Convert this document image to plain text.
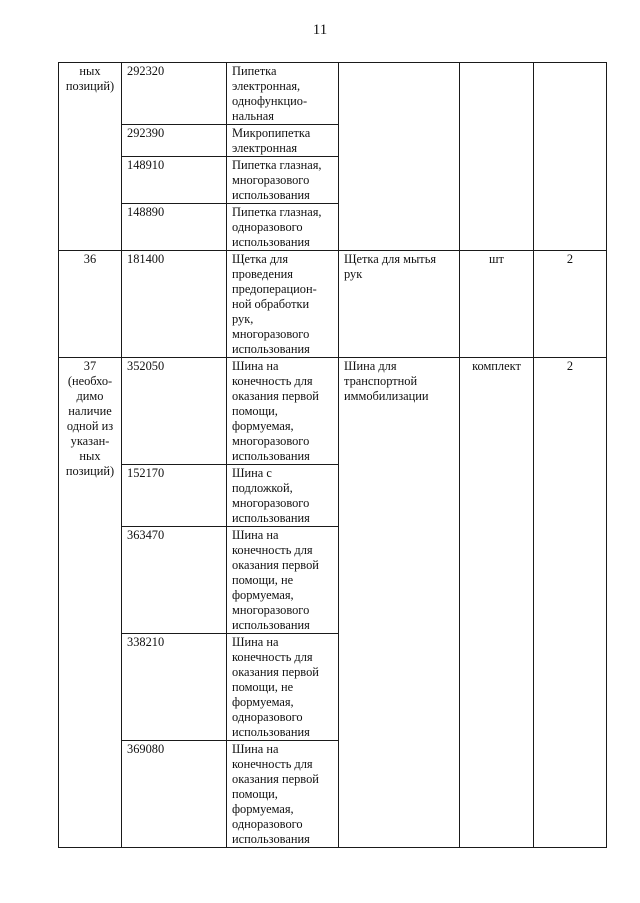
11
ных позиций)	292320	Пипетка электронная, однофункцио-нальная			
	292390	Микропипетка электронная			
	148910	Пипетка глазная, многоразового использования			
	148890	Пипетка глазная, одноразового использования			
36	181400	Щетка для проведения предоперацион-ной обработки рук, многоразового использования	Щетка для мытья рук	шт	2

37 (необхо-димо наличие одной из указан-ных позиций)	352050	Шина на конечность для оказания первой помощи, формуемая, многоразового использования	Шина для транспортной иммобилизации	комплект	2
	152170	Шина с подложкой, многоразового использования			
	363470	Шина на конечность для оказания первой помощи, не формуемая, многоразового использования			
	338210	Шина на конечность для оказания первой помощи, не формуемая, одноразового использования			
	369080	Шина на конечность для оказания первой помощи, формуемая, одноразового использования			
